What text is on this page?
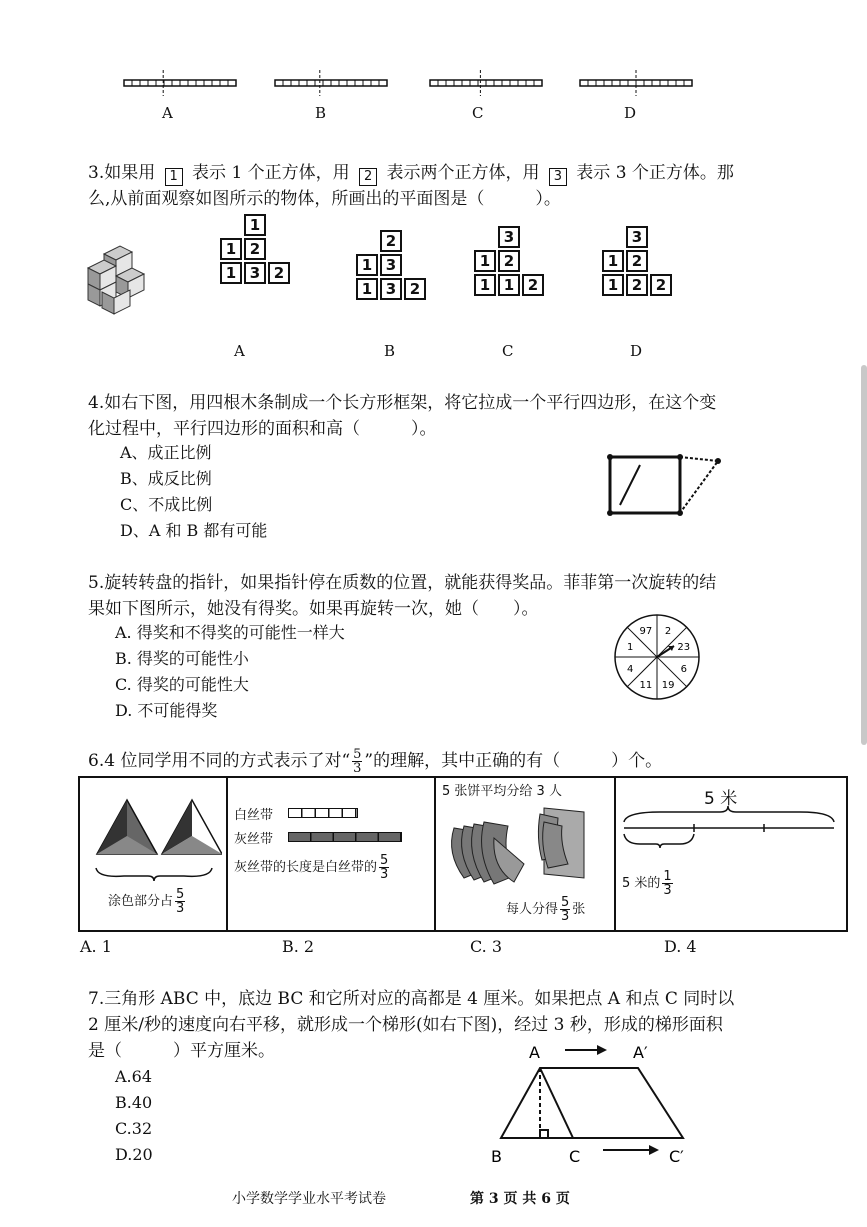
A	B	C	D
3.如果用 1 表示 1 个正方体，用 2 表示两个正方体，用 3 表示 3 个正方体。那
么,从前面观察如图所示的物体，所画出的平面图是（　　　）。
1
1 2
1 3 2
A
2
1 3
1 3 2
B
3
1 2
1 1 2
C
3
1 2
1 2 2
D
4.如右下图，用四根木条制成一个长方形框架，将它拉成一个平行四边形，在这个变
化过程中，平行四边形的面积和高（　　　）。
A、成正比例
B、成反比例
C、不成比例
D、A 和 B 都有可能
5.旋转转盘的指针，如果指针停在质数的位置，就能获得奖品。菲菲第一次旋转的结
果如下图所示，她没有得奖。如果再旋转一次，她（　　）。
A. 得奖和不得奖的可能性一样大
B. 得奖的可能性小
C. 得奖的可能性大
D. 不可能得奖
2
23
6
19
11
4
1
97
6.4 位同学用不同的方式表示了对“ $\frac{5}{3}$ ”的理解，其中正确的有（　　　）个。
涂色部分占 $\frac{5}{3}$
白丝带
灰丝带
灰丝带的长度是白丝带的 $\frac{5}{3}$
5 张饼平均分给 3 人
每人分得 $\frac{5}{3}$ 张
5 米
5 米的 $\frac{1}{3}$
A. 1	B. 2	C. 3	D. 4
7.三角形 ABC 中，底边 BC 和它所对应的高都是 4 厘米。如果把点 A 和点 C 同时以
2 厘米/秒的速度向右平移，就形成一个梯形(如右下图)，经过 3 秒，形成的梯形面积
是（　　　）平方厘米。
A.64
B.40
C.32
D.20
A	A′
B	C	C′
小学数学学业水平考试卷	第 3 页 共 6 页
